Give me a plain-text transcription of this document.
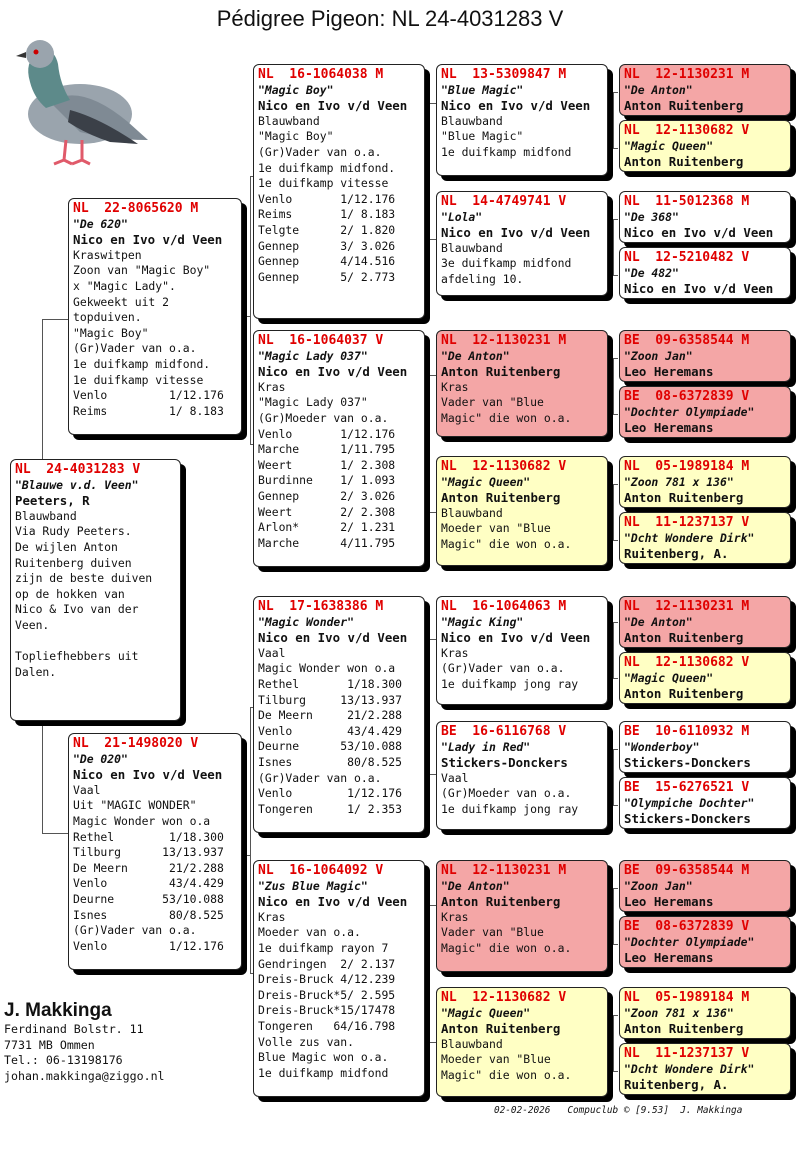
Pédigree Pigeon: NL 24-4031283 V
NL  24-4031283 V
"Blauwe v.d. Veen"
Peeters, R
Blauwband
Via Rudy Peeters.
De wijlen Anton
Ruitenberg duiven
zijn de beste duiven
op de hokken van
Nico & Ivo van der
Veen.

Topliefhebbers uit
Dalen.
NL  22-8065620 M
"De 620"
Nico en Ivo v/d Veen
Kraswitpen
Zoon van "Magic Boy"
x "Magic Lady".
Gekweekt uit 2
topduiven.
"Magic Boy"
(Gr)Vader van o.a.
1e duifkamp midfond.
1e duifkamp vitesse
Venlo         1/12.176
Reims         1/ 8.183
NL  21-1498020 V
"De 020"
Nico en Ivo v/d Veen
Vaal
Uit "MAGIC WONDER"
Magic Wonder won o.a
Rethel        1/18.300
Tilburg      13/13.937
De Meern      21/2.288
Venlo         43/4.429
Deurne       53/10.088
Isnes         80/8.525
(Gr)Vader van o.a.
Venlo         1/12.176
NL  16-1064038 M
"Magic Boy"
Nico en Ivo v/d Veen
Blauwband
"Magic Boy"
(Gr)Vader van o.a.
1e duifkamp midfond.
1e duifkamp vitesse
Venlo       1/12.176
Reims       1/ 8.183
Telgte      2/ 1.820
Gennep      3/ 3.026
Gennep      4/14.516
Gennep      5/ 2.773
NL  16-1064037 V
"Magic Lady 037"
Nico en Ivo v/d Veen
Kras
"Magic Lady 037"
(Gr)Moeder van o.a.
Venlo       1/12.176
Marche      1/11.795
Weert       1/ 2.308
Burdinne    1/ 1.093
Gennep      2/ 3.026
Weert       2/ 2.308
Arlon*      2/ 1.231
Marche      4/11.795
NL  17-1638386 M
"Magic Wonder"
Nico en Ivo v/d Veen
Vaal
Magic Wonder won o.a
Rethel       1/18.300
Tilburg     13/13.937
De Meern     21/2.288
Venlo        43/4.429
Deurne      53/10.088
Isnes        80/8.525
(Gr)Vader van o.a.
Venlo        1/12.176
Tongeren     1/ 2.353
NL  16-1064092 V
"Zus Blue Magic"
Nico en Ivo v/d Veen
Kras
Moeder van o.a.
1e duifkamp rayon 7
Gendringen  2/ 2.137
Dreis-Bruck 4/12.239
Dreis-Bruck*5/ 2.595
Dreis-Bruck*15/17478
Tongeren   64/16.798
Volle zus van.
Blue Magic won o.a.
1e duifkamp midfond
NL  13-5309847 M
"Blue Magic"
Nico en Ivo v/d Veen
Blauwband
"Blue Magic"
1e duifkamp midfond
NL  14-4749741 V
"Lola"
Nico en Ivo v/d Veen
Blauwband
3e duifkamp midfond
afdeling 10.
NL  12-1130231 M
"De Anton"
Anton Ruitenberg
Kras
Vader van "Blue
Magic" die won o.a.
NL  12-1130682 V
"Magic Queen"
Anton Ruitenberg
Blauwband
Moeder van "Blue
Magic" die won o.a.
NL  16-1064063 M
"Magic King"
Nico en Ivo v/d Veen
Kras
(Gr)Vader van o.a.
1e duifkamp jong ray
BE  16-6116768 V
"Lady in Red"
Stickers-Donckers
Vaal
(Gr)Moeder van o.a.
1e duifkamp jong ray
NL  12-1130231 M
"De Anton"
Anton Ruitenberg
Kras
Vader van "Blue
Magic" die won o.a.
NL  12-1130682 V
"Magic Queen"
Anton Ruitenberg
Blauwband
Moeder van "Blue
Magic" die won o.a.
NL  12-1130231 M
"De Anton"
Anton Ruitenberg
NL  12-1130682 V
"Magic Queen"
Anton Ruitenberg
NL  11-5012368 M
"De 368"
Nico en Ivo v/d Veen
NL  12-5210482 V
"De 482"
Nico en Ivo v/d Veen
BE  09-6358544 M
"Zoon Jan"
Leo Heremans
BE  08-6372839 V
"Dochter Olympiade"
Leo Heremans
NL  05-1989184 M
"Zoon 781 x 136"
Anton Ruitenberg
NL  11-1237137 V
"Dcht Wondere Dirk"
Ruitenberg, A.
NL  12-1130231 M
"De Anton"
Anton Ruitenberg
NL  12-1130682 V
"Magic Queen"
Anton Ruitenberg
BE  10-6110932 M
"Wonderboy"
Stickers-Donckers
BE  15-6276521 V
"Olympiche Dochter"
Stickers-Donckers
BE  09-6358544 M
"Zoon Jan"
Leo Heremans
BE  08-6372839 V
"Dochter Olympiade"
Leo Heremans
NL  05-1989184 M
"Zoon 781 x 136"
Anton Ruitenberg
NL  11-1237137 V
"Dcht Wondere Dirk"
Ruitenberg, A.
J. Makkinga
Ferdinand Bolstr. 11
7731 MB Ommen
Tel.: 06-13198176
johan.makkinga@ziggo.nl
02-02-2026   Compuclub © [9.53]  J. Makkinga
